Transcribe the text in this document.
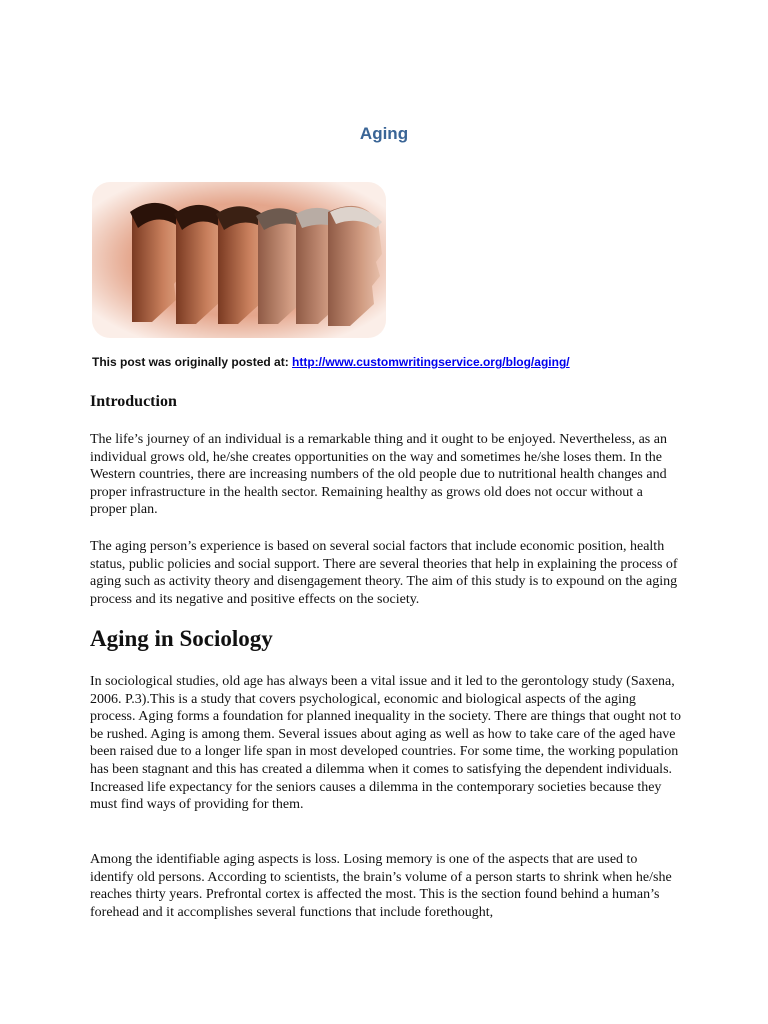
Aging
This post was originally posted at: http://www.customwritingservice.org/blog/aging/
Introduction

The life’s journey of an individual is a remarkable thing and it ought to be enjoyed. Nevertheless, as an individual grows old, he/she creates opportunities on the way and sometimes he/she loses them. In the Western countries, there are increasing numbers of the old people due to nutritional health changes and proper infrastructure in the health sector. Remaining healthy as grows old does not occur without a proper plan.

The aging person’s experience is based on several social factors that include economic position, health status, public policies and social support. There are several theories that help in explaining the process of aging such as activity theory and disengagement theory. The aim of this study is to expound on the aging process and its negative and positive effects on the society.

Aging in Sociology

In sociological studies, old age has always been a vital issue and it led to the gerontology study (Saxena, 2006. P.3).This is a study that covers psychological, economic and biological aspects of the aging process. Aging forms a foundation for planned inequality in the society. There are things that ought not to be rushed. Aging is among them. Several issues about aging as well as how to take care of the aged have been raised due to a longer life span in most developed countries. For some time, the working population has been stagnant and this has created a dilemma when it comes to satisfying the dependent individuals. Increased life expectancy for the seniors causes a dilemma in the contemporary societies because they must find ways of providing for them.

Among the identifiable aging aspects is loss. Losing memory is one of the aspects that are used to identify old persons. According to scientists, the brain’s volume of a person starts to shrink when he/she reaches thirty years. Prefrontal cortex is affected the most. This is the section found behind a human’s forehead and it accomplishes several functions that include forethought,
